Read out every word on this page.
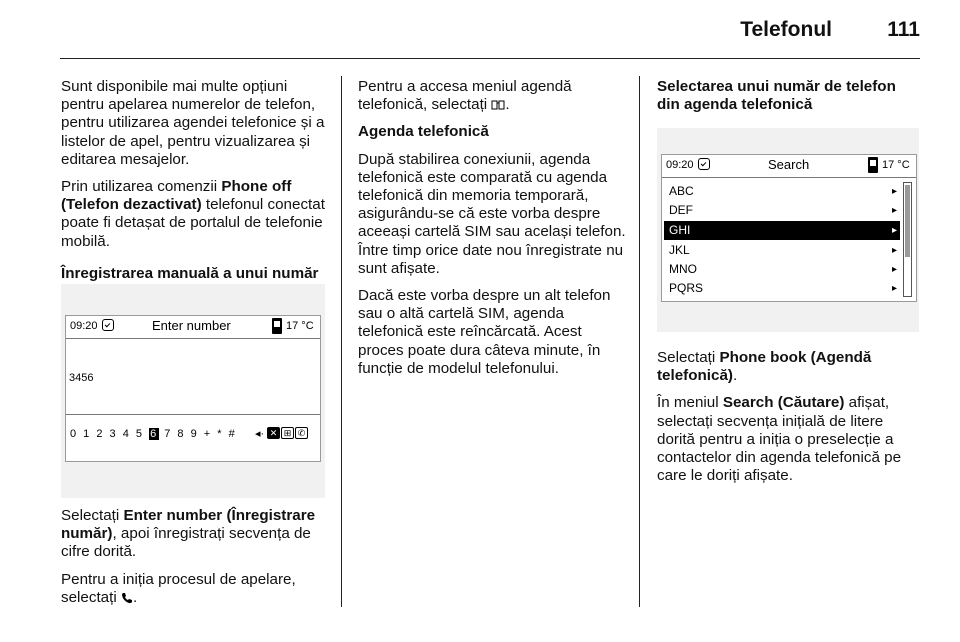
Telefonul	111

Sunt disponibile mai multe opțiuni pentru apelarea numerelor de telefon, pentru utilizarea agendei telefonice și a listelor de apel, pentru vizualizarea și editarea mesajelor.

Prin utilizarea comenzii Phone off (Telefon dezactivat) telefonul conectat poate fi detașat de portalul de telefonie mobilă.

Înregistrarea manuală a unui număr

09:20	Enter number	17 °C
3456
0 1 2 3 4 5 6 7 8 9 + * # ◂· ✕ ⊞ ✆

Selectați Enter number (Înregistrare număr), apoi înregistrați secvența de cifre dorită.

Pentru a iniția procesul de apelare, selectați .

Pentru a accesa meniul agendă telefonică, selectați .

Agenda telefonică

După stabilirea conexiunii, agenda telefonică este comparată cu agenda telefonică din memoria temporară, asigurându-se că este vorba despre aceeași cartelă SIM sau același telefon. Între timp orice date nou înregistrate nu sunt afișate.

Dacă este vorba despre un alt telefon sau o altă cartelă SIM, agenda telefonică este reîncărcată. Acest proces poate dura câteva minute, în funcție de modelul telefonului.

Selectarea unui număr de telefon din agenda telefonică

09:20	Search	17 °C
ABC	▸
DEF	▸
GHI	▸
JKL	▸
MNO	▸
PQRS	▸

Selectați Phone book (Agendă telefonică).

În meniul Search (Căutare) afișat, selectați secvența inițială de litere dorită pentru a iniția o preselecție a contactelor din agenda telefonică pe care le doriți afișate.
